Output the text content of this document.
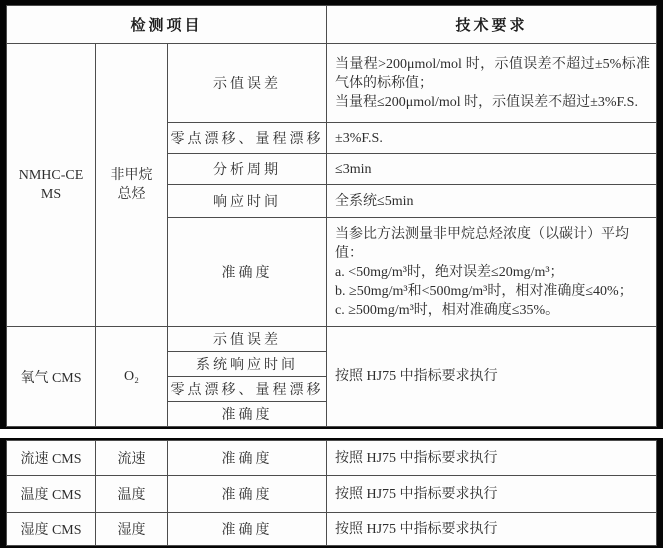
检测项目			技术要求
NMHC-CEMS	非甲烷总烃	示值误差	当量程>200μmol/mol 时，示值误差不超过±5%标准气体的标称值；

当量程≤200μmol/mol 时，示值误差不超过±3%F.S.

		零点漂移、量程漂移	±3%F.S.
		分析周期	≤3min
		响应时间	全系统≤5min
		准确度	当参比方法测量非甲烷总烃浓度（以碳计）平均值：

a. <50mg/m³时，绝对误差≤20mg/m³；

b. ≥50mg/m³和<500mg/m³时，相对准确度≤40%；

c. ≥500mg/m³时，相对准确度≤35%。

氧气 CMS	O₂	示值误差	按照 HJ75 中指标要求执行
		系统响应时间	
		零点漂移、量程漂移	
		准确度	
流速 CMS	流速	准确度	按照 HJ75 中指标要求执行
温度 CMS	温度	准确度	按照 HJ75 中指标要求执行
湿度 CMS	湿度	准确度	按照 HJ75 中指标要求执行
